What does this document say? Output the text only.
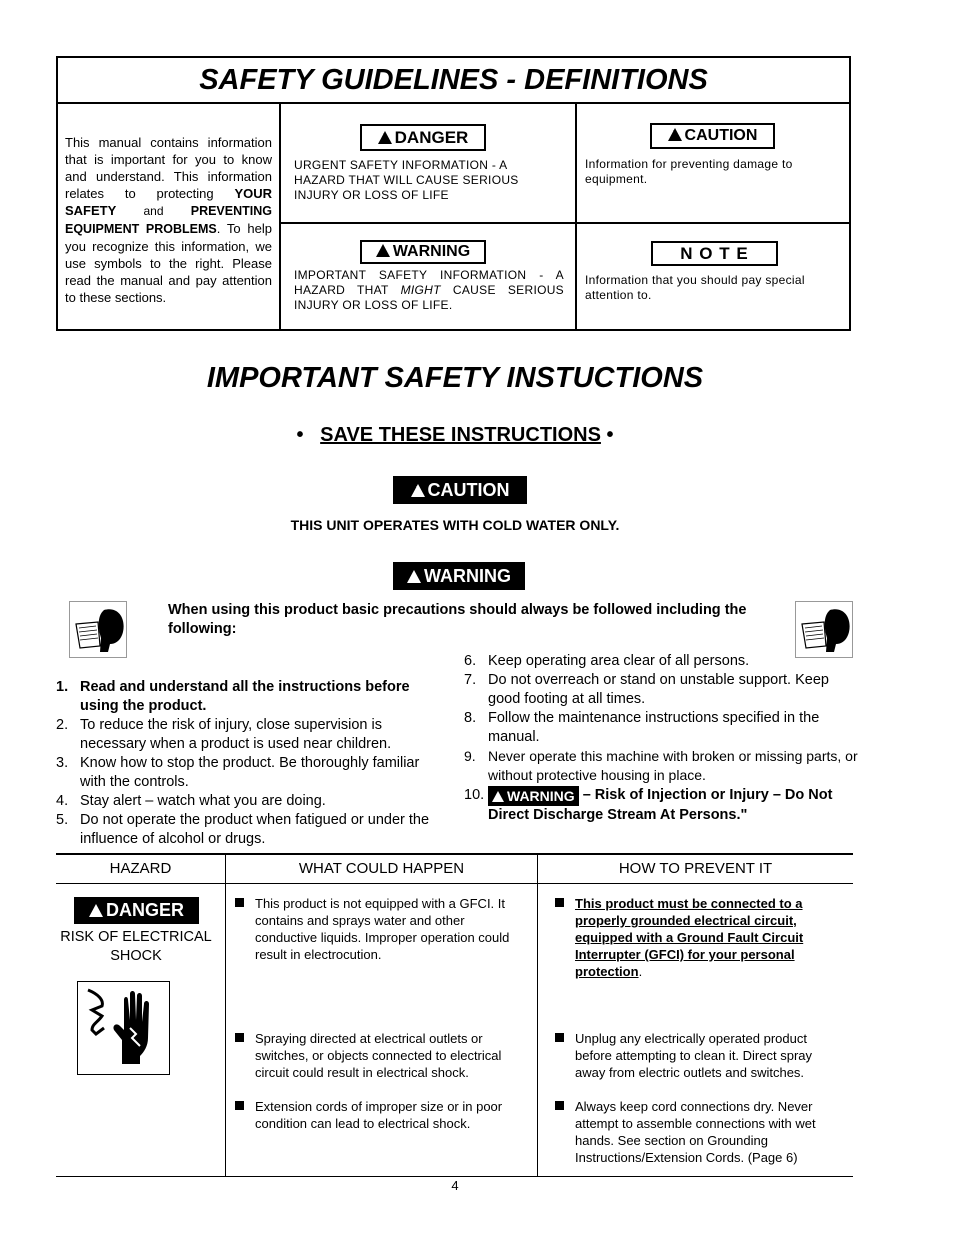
SAFETY GUIDELINES - DEFINITIONS
This manual contains information that is important for you to know and understand. This information relates to protecting YOUR SAFETY and PREVENTING EQUIPMENT PROBLEMS. To help you recognize this information, we use symbols to the right. Please read the manual and pay attention to these sections.
!DANGER
URGENT SAFETY INFORMATION - A HAZARD THAT WILL CAUSE SERIOUS INJURY OR LOSS OF LIFE
!CAUTION
Information for preventing damage to equipment.
!WARNING
IMPORTANT SAFETY INFORMATION - A HAZARD THAT MIGHT CAUSE SERIOUS INJURY OR LOSS OF LIFE.
N O T E
Information that you should pay special attention to.
IMPORTANT SAFETY INSTUCTIONS
• SAVE THESE INSTRUCTIONS •
!CAUTION
THIS UNIT OPERATES WITH COLD WATER ONLY.
!WARNING
When using this product basic precautions should always be followed including the following:
1. Read and understand all the instructions before using the product.
2. To reduce the risk of injury, close supervision is necessary when a product is used near children.
3. Know how to stop the product. Be thoroughly familiar with the controls.
4. Stay alert – watch what you are doing.
5. Do not operate the product when fatigued or under the influence of alcohol or drugs.
6. Keep operating area clear of all persons.
7. Do not overreach or stand on unstable support. Keep good footing at all times.
8. Follow the maintenance instructions specified in the manual.
9. Never operate this machine with broken or missing parts, or without protective housing in place.
10.
! WARNING – Risk of Injection or Injury – Do Not Direct Discharge Stream At Persons."
HAZARD	WHAT COULD HAPPEN	HOW TO PREVENT IT
!DANGER
RISK OF ELECTRICAL SHOCK
This product is not equipped with a GFCI. It contains and sprays water and other conductive liquids. Improper operation could result in electrocution.
Spraying directed at electrical outlets or switches, or objects connected to electrical circuit could result in electrical shock.
Extension cords of improper size or in poor condition can lead to electrical shock.
This product must be connected to a properly grounded electrical circuit, equipped with a Ground Fault Circuit Interrupter (GFCI) for your personal protection.
Unplug any electrically operated product before attempting to clean it. Direct spray away from electric outlets and switches.
Always keep cord connections dry. Never attempt to assemble connections with wet hands. See section on Grounding Instructions/Extension Cords. (Page 6)
4
